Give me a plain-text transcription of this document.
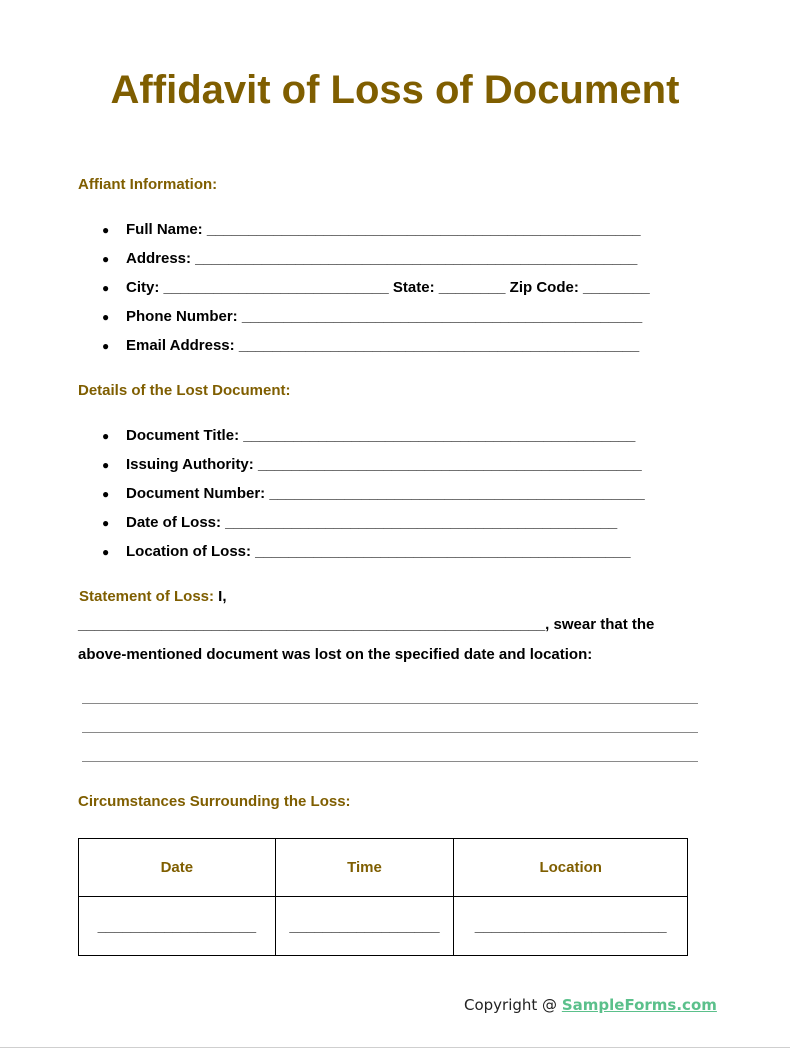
Affidavit of Loss of Document
Affiant Information:
● Full Name: ____________________________________________________
● Address: _____________________________________________________
● City: ___________________________ State: ________ Zip Code: ________
● Phone Number: ________________________________________________
● Email Address: ________________________________________________
Details of the Lost Document:
● Document Title: _______________________________________________
● Issuing Authority: ______________________________________________
● Document Number: _____________________________________________
● Date of Loss: _______________________________________________
● Location of Loss: _____________________________________________
Statement of Loss: I,
________________________________________________________, swear that the
above-mentioned document was lost on the specified date and location:
Circumstances Surrounding the Loss:
Date	Time	Location
___________________	__________________	_______________________
Copyright @ SampleForms.com
